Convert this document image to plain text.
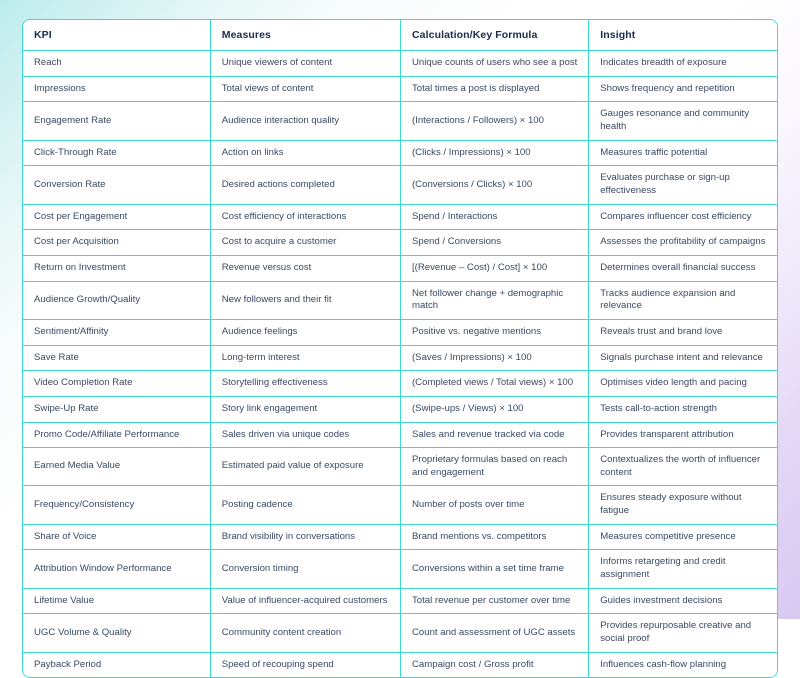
KPI	Measures	Calculation/Key Formula	Insight
Reach	Unique viewers of content	Unique counts of users who see a post	Indicates breadth of exposure
Impressions	Total views of content	Total times a post is displayed	Shows frequency and repetition
Engagement Rate	Audience interaction quality	(Interactions / Followers) × 100	Gauges resonance and community health
Click-Through Rate	Action on links	(Clicks / Impressions) × 100	Measures traffic potential
Conversion Rate	Desired actions completed	(Conversions / Clicks) × 100	Evaluates purchase or sign-up effectiveness
Cost per Engagement	Cost efficiency of interactions	Spend / Interactions	Compares influencer cost efficiency
Cost per Acquisition	Cost to acquire a customer	Spend / Conversions	Assesses the profitability of campaigns
Return on Investment	Revenue versus cost	[(Revenue – Cost) / Cost] × 100	Determines overall financial success
Audience Growth/Quality	New followers and their fit	Net follower change + demographic match	Tracks audience expansion and relevance
Sentiment/Affinity	Audience feelings	Positive vs. negative mentions	Reveals trust and brand love
Save Rate	Long-term interest	(Saves / Impressions) × 100	Signals purchase intent and relevance
Video Completion Rate	Storytelling effectiveness	(Completed views / Total views) × 100	Optimises video length and pacing
Swipe-Up Rate	Story link engagement	(Swipe-ups / Views) × 100	Tests call-to-action strength
Promo Code/Affiliate Performance	Sales driven via unique codes	Sales and revenue tracked via code	Provides transparent attribution
Earned Media Value	Estimated paid value of exposure	Proprietary formulas based on reach and engagement	Contextualizes the worth of influencer content
Frequency/Consistency	Posting cadence	Number of posts over time	Ensures steady exposure without fatigue
Share of Voice	Brand visibility in conversations	Brand mentions vs. competitors	Measures competitive presence
Attribution Window Performance	Conversion timing	Conversions within a set time frame	Informs retargeting and credit assignment
Lifetime Value	Value of influencer-acquired customers	Total revenue per customer over time	Guides investment decisions
UGC Volume & Quality	Community content creation	Count and assessment of UGC assets	Provides repurposable creative and social proof
Payback Period	Speed of recouping spend	Campaign cost / Gross profit	Influences cash-flow planning
